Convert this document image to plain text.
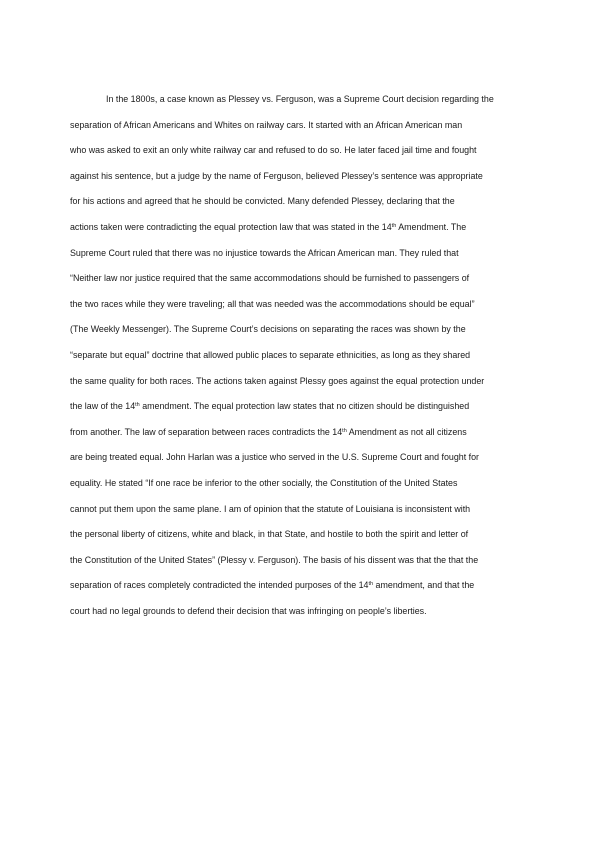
In the 1800s, a case known as Plessey vs. Ferguson, was a Supreme Court decision regarding the
separation of African Americans and Whites on railway cars. It started with an African American man
who was asked to exit an only white railway car and refused to do so. He later faced jail time and fought
against his sentence, but a judge by the name of Ferguson, believed Plessey’s sentence was appropriate
for his actions and agreed that he should be convicted. Many defended Plessey, declaring that the
actions taken were contradicting the equal protection law that was stated in the 14th Amendment. The
Supreme Court ruled that there was no injustice towards the African American man. They ruled that
“Neither law nor justice required that the same accommodations should be furnished to passengers of
the two races while they were traveling; all that was needed was the accommodations should be equal”
(The Weekly Messenger). The Supreme Court’s decisions on separating the races was shown by the
“separate but equal” doctrine that allowed public places to separate ethnicities, as long as they shared
the same quality for both races. The actions taken against Plessy goes against the equal protection under
the law of the 14th amendment. The equal protection law states that no citizen should be distinguished
from another. The law of separation between races contradicts the 14th Amendment as not all citizens
are being treated equal. John Harlan was a justice who served in the U.S. Supreme Court and fought for
equality. He stated “If one race be inferior to the other socially, the Constitution of the United States
cannot put them upon the same plane. I am of opinion that the statute of Louisiana is inconsistent with
the personal liberty of citizens, white and black, in that State, and hostile to both the spirit and letter of
the Constitution of the United States” (Plessy v. Ferguson). The basis of his dissent was that the that the
separation of races completely contradicted the intended purposes of the 14th amendment, and that the
court had no legal grounds to defend their decision that was infringing on people’s liberties.
